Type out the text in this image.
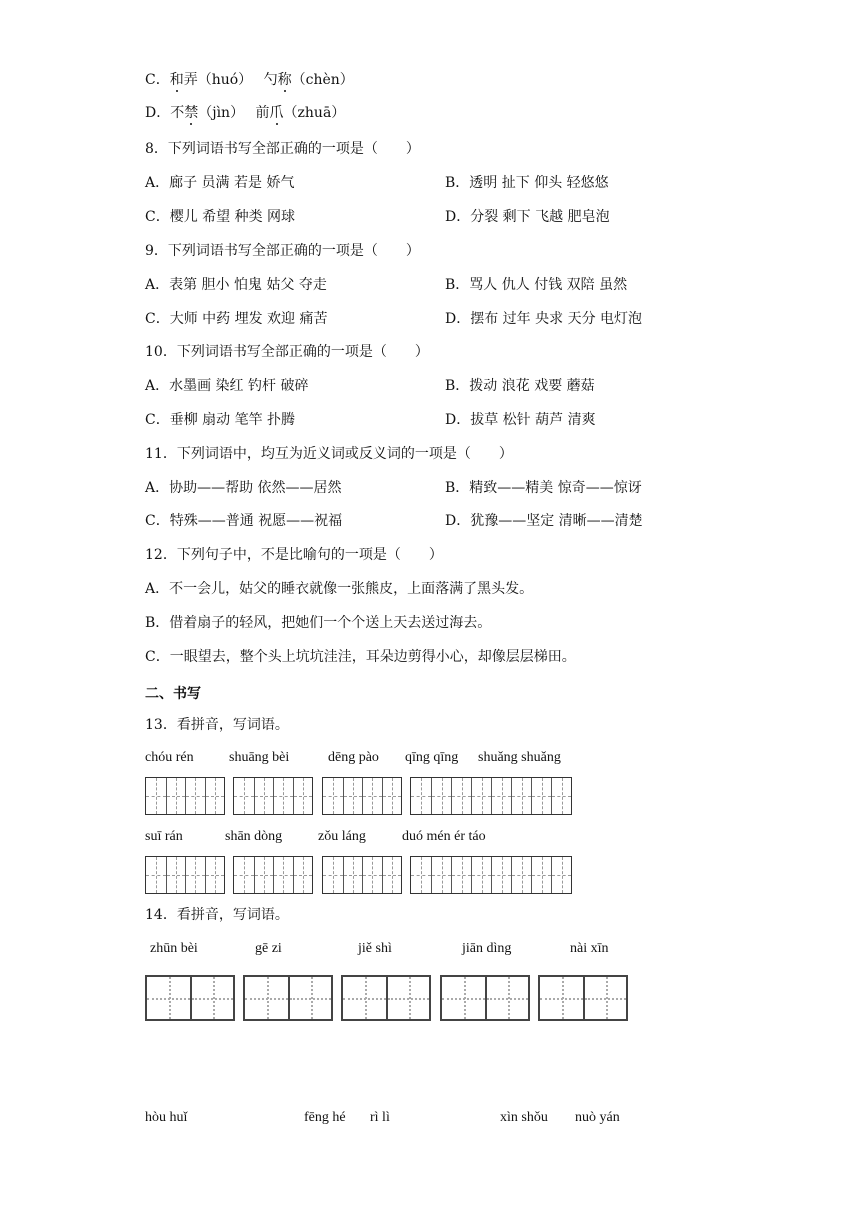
C．和弄（huó）　 勺称（chèn）
D．不禁（jìn）　 前爪（zhuā）
8．下列词语书写全部正确的一项是（　　）
A．廊子 员满 若是 娇气	B．透明 扯下 仰头 轻悠悠
C．樱儿 希望 种类 网球	D．分裂 剩下 飞越 肥皂泡
9．下列词语书写全部正确的一项是（　　）
A．表第 胆小 怕鬼 姑父 夺走	B．骂人 仇人 付钱 双陪 虽然
C．大师 中药 埋发 欢迎 痛苦	D．摆布 过年 央求 天分 电灯泡
10．下列词语书写全部正确的一项是（　　）
A．水墨画 染红 钓杆 破碎	B．拨动 浪花 戏要 蘑菇
C．垂柳 扇动 笔竿 扑腾	D．拔草 松针 葫芦 清爽
11．下列词语中，均互为近义词或反义词的一项是（　　）
A．协助——帮助 依然——居然	B．精致——精美 惊奇——惊讶
C．特殊——普通 祝愿——祝福	D．犹豫——坚定 清晰——清楚
12．下列句子中，不是比喻句的一项是（　　）
A．不一会儿，姑父的睡衣就像一张熊皮，上面落满了黑头发。
B．借着扇子的轻风，把她们一个个送上天去送过海去。
C．一眼望去，整个头上坑坑洼洼，耳朵边剪得小心，却像层层梯田。
二、书写
13．看拼音，写词语。
chóu rén	shuāng bèi	dēng pào qīng qīng shuǎng shuǎng
suī rán	shān dòng	zǒu láng	duó mén ér táo
14．看拼音，写词语。
zhūn bèi	gē zi	jiě shì	jiān dìng	nài xīn
hòu huǐ	fēng hé rì lì	xìn shǒu nuò yán
